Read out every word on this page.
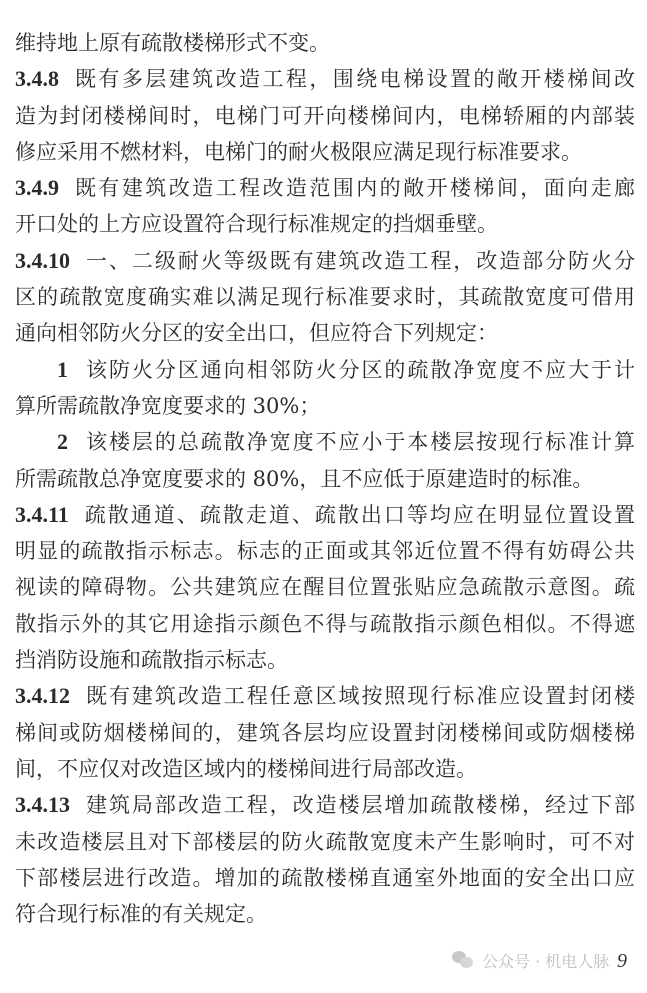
维持地上原有疏散楼梯形式不变。
3.4.8 既有多层建筑改造工程，围绕电梯设置的敞开楼梯间改
造为封闭楼梯间时，电梯门可开向楼梯间内，电梯轿厢的内部装
修应采用不燃材料，电梯门的耐火极限应满足现行标准要求。
3.4.9 既有建筑改造工程改造范围内的敞开楼梯间，面向走廊
开口处的上方应设置符合现行标准规定的挡烟垂壁。
3.4.10 一、二级耐火等级既有建筑改造工程，改造部分防火分
区的疏散宽度确实难以满足现行标准要求时，其疏散宽度可借用
通向相邻防火分区的安全出口，但应符合下列规定：
1 该防火分区通向相邻防火分区的疏散净宽度不应大于计
算所需疏散净宽度要求的 30%；
2 该楼层的总疏散净宽度不应小于本楼层按现行标准计算
所需疏散总净宽度要求的 80%，且不应低于原建造时的标准。
3.4.11 疏散通道、疏散走道、疏散出口等均应在明显位置设置
明显的疏散指示标志。标志的正面或其邻近位置不得有妨碍公共
视读的障碍物。公共建筑应在醒目位置张贴应急疏散示意图。疏
散指示外的其它用途指示颜色不得与疏散指示颜色相似。不得遮
挡消防设施和疏散指示标志。
3.4.12 既有建筑改造工程任意区域按照现行标准应设置封闭楼
梯间或防烟楼梯间的，建筑各层均应设置封闭楼梯间或防烟楼梯
间，不应仅对改造区域内的楼梯间进行局部改造。
3.4.13 建筑局部改造工程，改造楼层增加疏散楼梯，经过下部
未改造楼层且对下部楼层的防火疏散宽度未产生影响时，可不对
下部楼层进行改造。增加的疏散楼梯直通室外地面的安全出口应
符合现行标准的有关规定。
公众号 · 机电人脉 9
